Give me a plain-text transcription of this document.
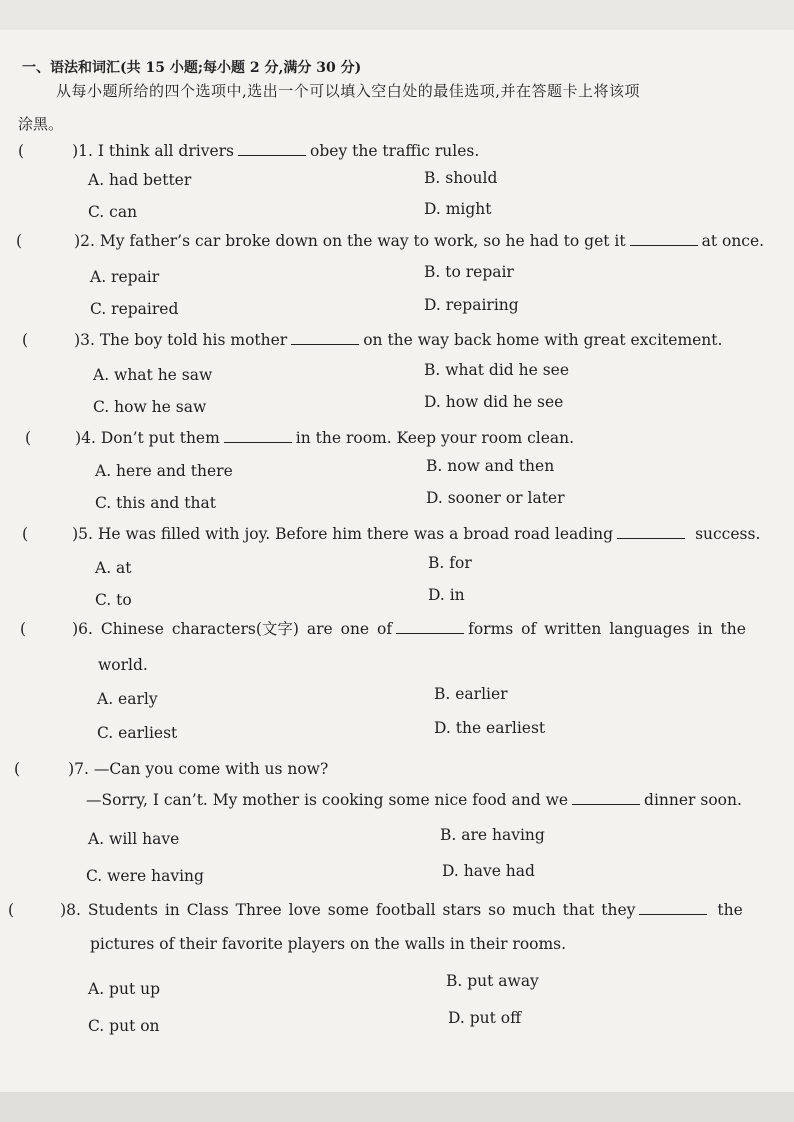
一、语法和词汇(共 15 小题;每小题 2 分,满分 30 分)
从每小题所给的四个选项中,选出一个可以填入空白处的最佳选项,并在答题卡上将该项
涂黑。
(	)1. I think all drivers	obey the traffic rules.
A. had better	B. should
C. can	D. might
(	)2. My father’s car broke down on the way to work, so he had to get it	at once.
A. repair	B. to repair
C. repaired	D. repairing
(	)3. The boy told his mother	on the way back home with great excitement.
A. what he saw	B. what did he see
C. how he saw	D. how did he see
(	)4. Don’t put them	in the room. Keep your room clean.
A. here and there	B. now and then
C. this and that	D. sooner or later
(	)5. He was filled with joy. Before him there was a broad road leading	success.
A. at	B. for
C. to	D. in
(	)6. Chinese characters(文字) are one of	forms of written languages in the
world.
A. early	B. earlier
C. earliest	D. the earliest
(	)7. —Can you come with us now?
—Sorry, I can’t. My mother is cooking some nice food and we	dinner soon.
A. will have	B. are having
C. were having	D. have had
(	)8. Students in Class Three love some football stars so much that they	the
pictures of their favorite players on the walls in their rooms.
A. put up	B. put away
C. put on	D. put off
